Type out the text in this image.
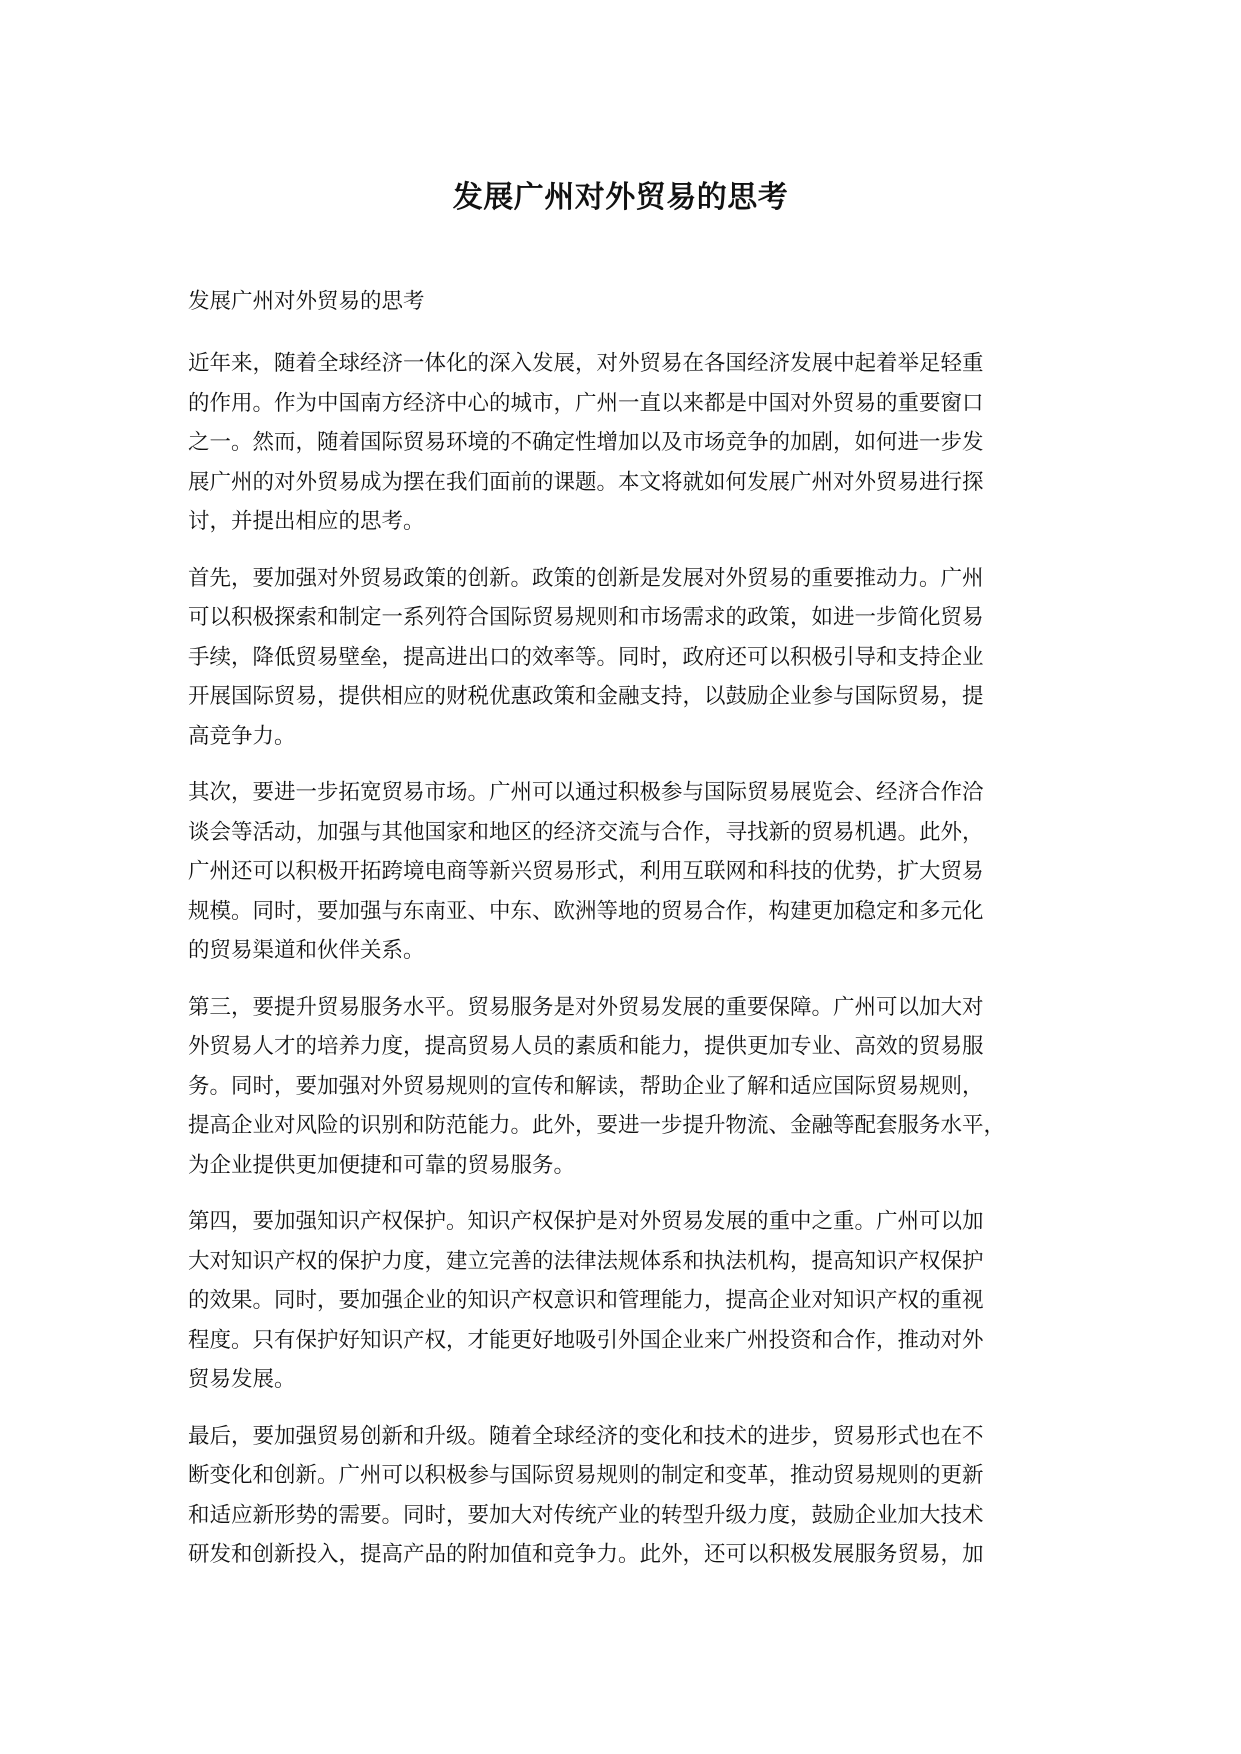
发展广州对外贸易的思考

发展广州对外贸易的思考

近年来，随着全球经济一体化的深入发展，对外贸易在各国经济发展中起着举足轻重
的作用。作为中国南方经济中心的城市，广州一直以来都是中国对外贸易的重要窗口
之一。然而，随着国际贸易环境的不确定性增加以及市场竞争的加剧，如何进一步发
展广州的对外贸易成为摆在我们面前的课题。本文将就如何发展广州对外贸易进行探
讨，并提出相应的思考。

首先，要加强对外贸易政策的创新。政策的创新是发展对外贸易的重要推动力。广州
可以积极探索和制定一系列符合国际贸易规则和市场需求的政策，如进一步简化贸易
手续，降低贸易壁垒，提高进出口的效率等。同时，政府还可以积极引导和支持企业
开展国际贸易，提供相应的财税优惠政策和金融支持，以鼓励企业参与国际贸易，提
高竞争力。

其次，要进一步拓宽贸易市场。广州可以通过积极参与国际贸易展览会、经济合作洽
谈会等活动，加强与其他国家和地区的经济交流与合作，寻找新的贸易机遇。此外，
广州还可以积极开拓跨境电商等新兴贸易形式，利用互联网和科技的优势，扩大贸易
规模。同时，要加强与东南亚、中东、欧洲等地的贸易合作，构建更加稳定和多元化
的贸易渠道和伙伴关系。

第三，要提升贸易服务水平。贸易服务是对外贸易发展的重要保障。广州可以加大对
外贸易人才的培养力度，提高贸易人员的素质和能力，提供更加专业、高效的贸易服
务。同时，要加强对外贸易规则的宣传和解读，帮助企业了解和适应国际贸易规则，
提高企业对风险的识别和防范能力。此外，要进一步提升物流、金融等配套服务水平，
为企业提供更加便捷和可靠的贸易服务。

第四，要加强知识产权保护。知识产权保护是对外贸易发展的重中之重。广州可以加
大对知识产权的保护力度，建立完善的法律法规体系和执法机构，提高知识产权保护
的效果。同时，要加强企业的知识产权意识和管理能力，提高企业对知识产权的重视
程度。只有保护好知识产权，才能更好地吸引外国企业来广州投资和合作，推动对外
贸易发展。

最后，要加强贸易创新和升级。随着全球经济的变化和技术的进步，贸易形式也在不
断变化和创新。广州可以积极参与国际贸易规则的制定和变革，推动贸易规则的更新
和适应新形势的需要。同时，要加大对传统产业的转型升级力度，鼓励企业加大技术
研发和创新投入，提高产品的附加值和竞争力。此外，还可以积极发展服务贸易，加
